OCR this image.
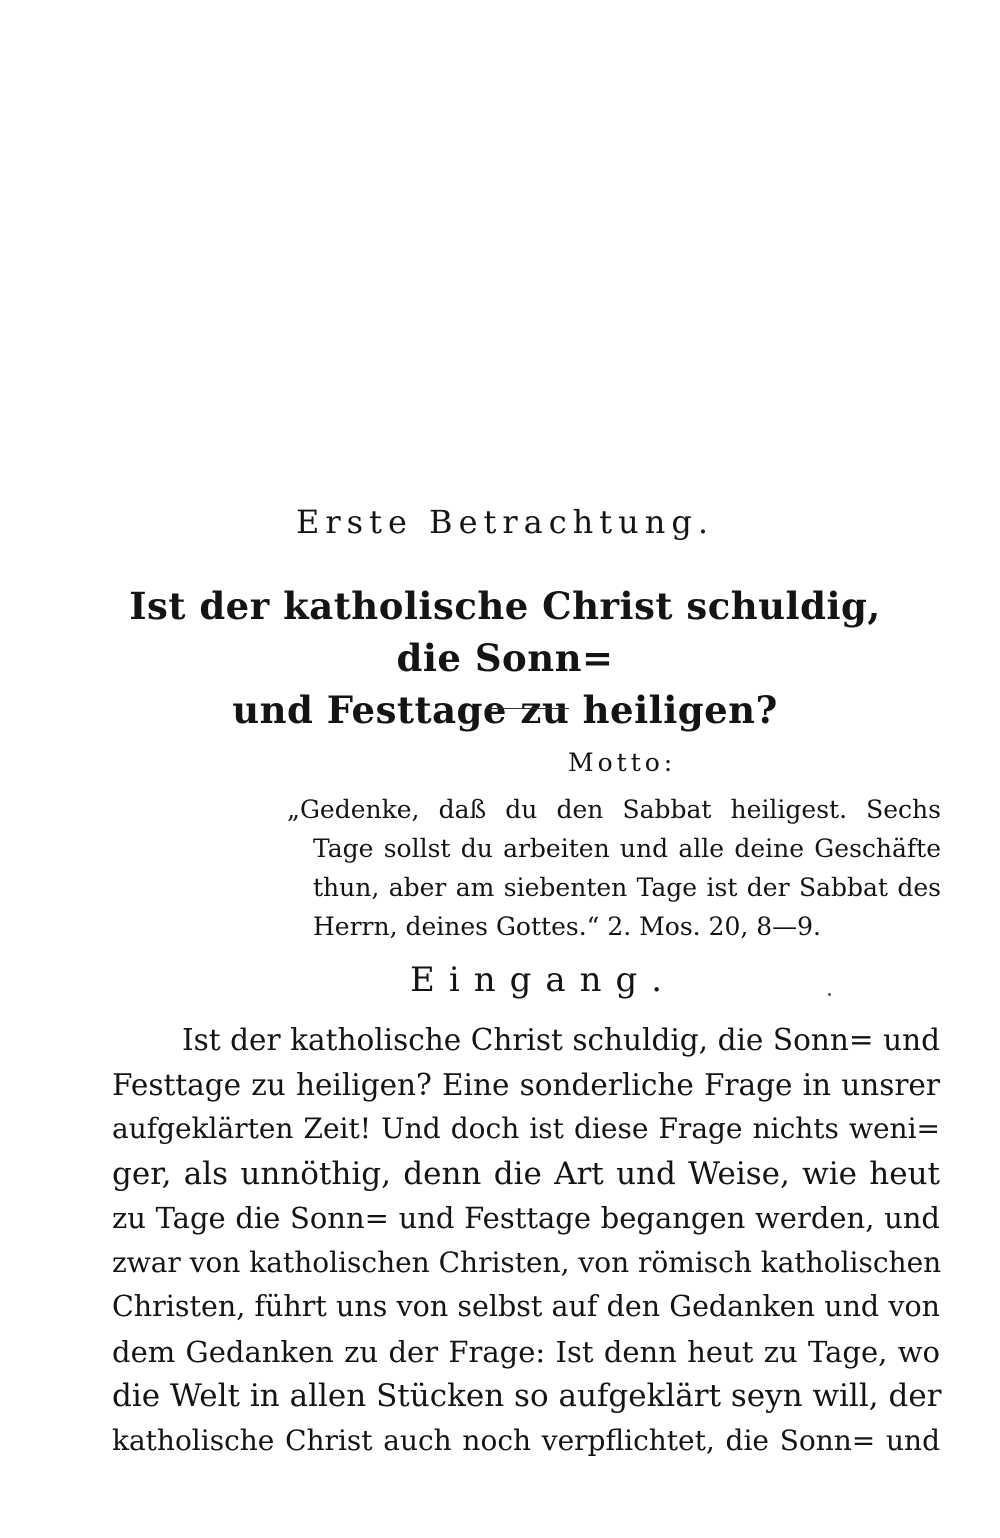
Erste Betrachtung.
Ist der katholische Christ schuldig, die Sonn=
und Festtage zu heiligen?
Motto:
„Gedenke, daß du den Sabbat heiligest. Sechs
Tage sollst du arbeiten und alle deine Geschäfte
thun, aber am siebenten Tage ist der Sabbat des
Herrn, deines Gottes.“ 2. Mos. 20, 8—9.
Eingang.
Ist der katholische Christ schuldig, die Sonn= und
Festtage zu heiligen? Eine sonderliche Frage in unsrer
aufgeklärten Zeit! Und doch ist diese Frage nichts weni=
ger, als unnöthig, denn die Art und Weise, wie heut
zu Tage die Sonn= und Festtage begangen werden, und
zwar von katholischen Christen, von römisch katholischen
Christen, führt uns von selbst auf den Gedanken und von
dem Gedanken zu der Frage: Ist denn heut zu Tage, wo
die Welt in allen Stücken so aufgeklärt seyn will, der
katholische Christ auch noch verpflichtet, die Sonn= und
